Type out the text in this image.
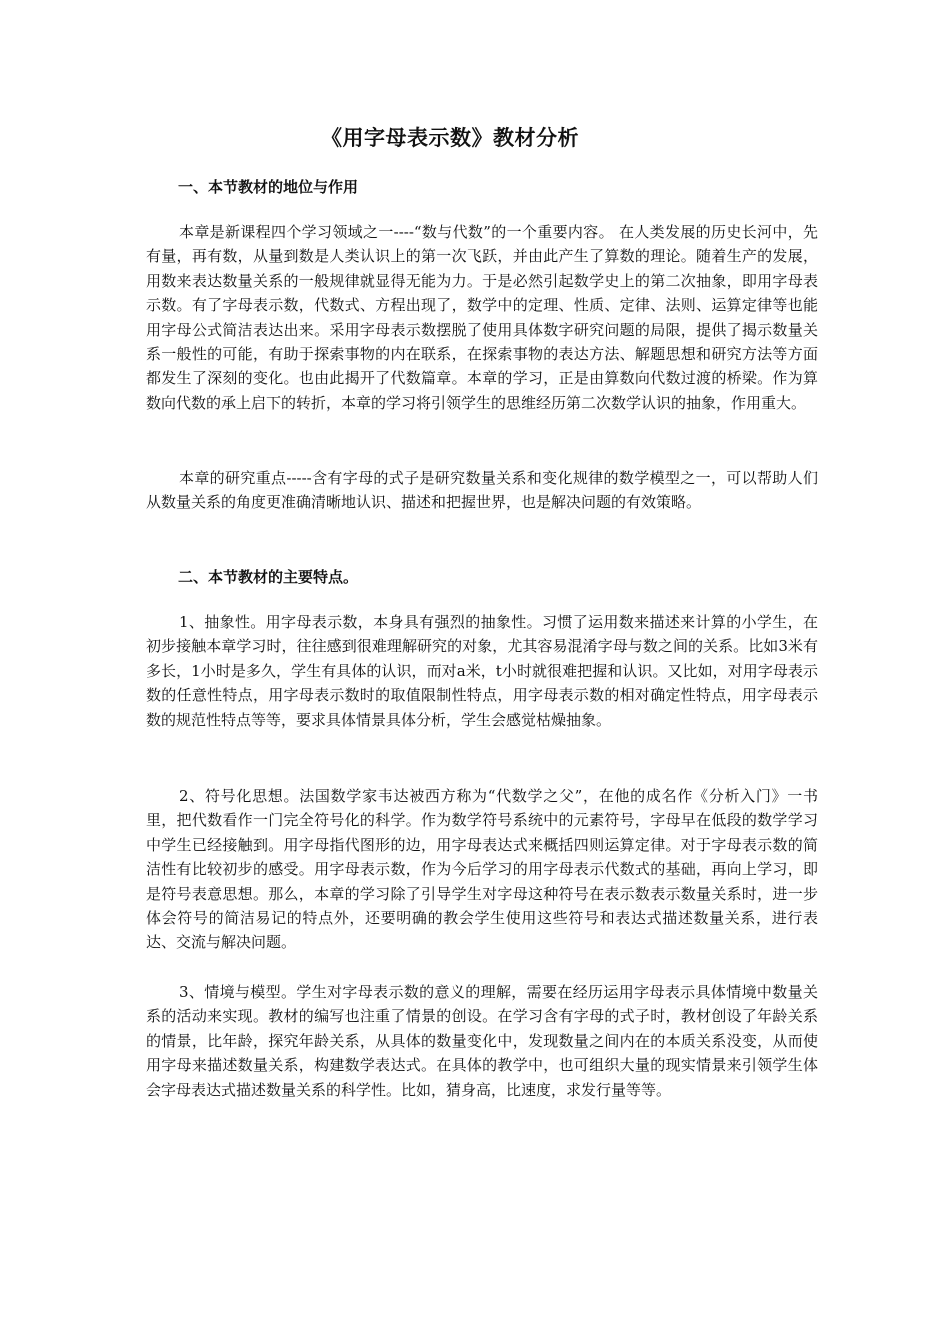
《用字母表示数》教材分析
一、本节教材的地位与作用

本章是新课程四个学习领域之一----“数与代数”的一个重要内容。 在人类发展的历史长河中，先有量，再有数，从量到数是人类认识上的第一次飞跃，并由此产生了算数的理论。随着生产的发展，用数来表达数量关系的一般规律就显得无能为力。于是必然引起数学史上的第二次抽象，即用字母表示数。有了字母表示数，代数式、方程出现了，数学中的定理、性质、定律、法则、运算定律等也能用字母公式简洁表达出来。采用字母表示数摆脱了使用具体数字研究问题的局限，提供了揭示数量关系一般性的可能，有助于探索事物的内在联系，在探索事物的表达方法、解题思想和研究方法等方面都发生了深刻的变化。也由此揭开了代数篇章。本章的学习，正是由算数向代数过渡的桥梁。作为算数向代数的承上启下的转折，本章的学习将引领学生的思维经历第二次数学认识的抽象，作用重大。

本章的研究重点-----含有字母的式子是研究数量关系和变化规律的数学模型之一，可以帮助人们从数量关系的角度更准确清晰地认识、描述和把握世界，也是解决问题的有效策略。

二、本节教材的主要特点。

1、抽象性。用字母表示数，本身具有强烈的抽象性。习惯了运用数来描述来计算的小学生，在初步接触本章学习时，往往感到很难理解研究的对象，尤其容易混淆字母与数之间的关系。比如3米有多长，1小时是多久，学生有具体的认识，而对a米，t小时就很难把握和认识。又比如，对用字母表示数的任意性特点，用字母表示数时的取值限制性特点，用字母表示数的相对确定性特点，用字母表示数的规范性特点等等，要求具体情景具体分析，学生会感觉枯燥抽象。

2、符号化思想。法国数学家韦达被西方称为“代数学之父”，在他的成名作《分析入门》一书里，把代数看作一门完全符号化的科学。作为数学符号系统中的元素符号，字母早在低段的数学学习中学生已经接触到。用字母指代图形的边，用字母表达式来概括四则运算定律。对于字母表示数的简洁性有比较初步的感受。用字母表示数，作为今后学习的用字母表示代数式的基础，再向上学习，即是符号表意思想。那么，本章的学习除了引导学生对字母这种符号在表示数表示数量关系时，进一步体会符号的简洁易记的特点外，还要明确的教会学生使用这些符号和表达式描述数量关系，进行表达、交流与解决问题。

3、情境与模型。学生对字母表示数的意义的理解，需要在经历运用字母表示具体情境中数量关系的活动来实现。教材的编写也注重了情景的创设。在学习含有字母的式子时，教材创设了年龄关系的情景，比年龄，探究年龄关系，从具体的数量变化中，发现数量之间内在的本质关系没变，从而使用字母来描述数量关系，构建数学表达式。在具体的教学中，也可组织大量的现实情景来引领学生体会字母表达式描述数量关系的科学性。比如，猜身高，比速度，求发行量等等。
